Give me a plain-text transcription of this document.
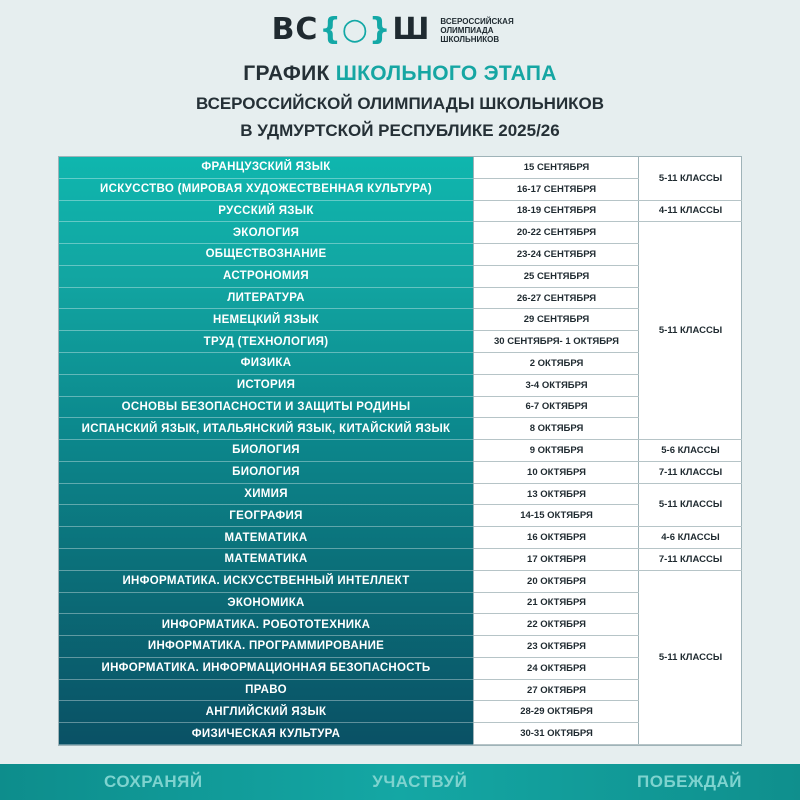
ВС {○} Ш ВСЕРОССИЙСКАЯ ОЛИМПИАДА ШКОЛЬНИКОВ
ГРАФИК ШКОЛЬНОГО ЭТАПА
ВСЕРОССИЙСКОЙ ОЛИМПИАДЫ ШКОЛЬНИКОВ
В УДМУРТСКОЙ РЕСПУБЛИКЕ 2025/26
ФРАНЦУЗСКИЙ ЯЗЫК
ИСКУССТВО (МИРОВАЯ ХУДОЖЕСТВЕННАЯ КУЛЬТУРА)
РУССКИЙ ЯЗЫК
ЭКОЛОГИЯ
ОБЩЕСТВОЗНАНИЕ
АСТРОНОМИЯ
ЛИТЕРАТУРА
НЕМЕЦКИЙ ЯЗЫК
ТРУД (ТЕХНОЛОГИЯ)
ФИЗИКА
ИСТОРИЯ
ОСНОВЫ БЕЗОПАСНОСТИ И ЗАЩИТЫ РОДИНЫ
ИСПАНСКИЙ ЯЗЫК, ИТАЛЬЯНСКИЙ ЯЗЫК, КИТАЙСКИЙ ЯЗЫК
БИОЛОГИЯ
БИОЛОГИЯ
ХИМИЯ
ГЕОГРАФИЯ
МАТЕМАТИКА
МАТЕМАТИКА
ИНФОРМАТИКА. ИСКУССТВЕННЫЙ ИНТЕЛЛЕКТ
ЭКОНОМИКА
ИНФОРМАТИКА. РОБОТОТЕХНИКА
ИНФОРМАТИКА. ПРОГРАММИРОВАНИЕ
ИНФОРМАТИКА. ИНФОРМАЦИОННАЯ БЕЗОПАСНОСТЬ
ПРАВО
АНГЛИЙСКИЙ ЯЗЫК
ФИЗИЧЕСКАЯ КУЛЬТУРА
15 СЕНТЯБРЯ
16-17 СЕНТЯБРЯ
18-19 СЕНТЯБРЯ
20-22 СЕНТЯБРЯ
23-24 СЕНТЯБРЯ
25 СЕНТЯБРЯ
26-27 СЕНТЯБРЯ
29 СЕНТЯБРЯ
30 СЕНТЯБРЯ- 1 ОКТЯБРЯ
2 ОКТЯБРЯ
3-4 ОКТЯБРЯ
6-7 ОКТЯБРЯ
8 ОКТЯБРЯ
9 ОКТЯБРЯ
10 ОКТЯБРЯ
13 ОКТЯБРЯ
14-15 ОКТЯБРЯ
16 ОКТЯБРЯ
17 ОКТЯБРЯ
20 ОКТЯБРЯ
21 ОКТЯБРЯ
22 ОКТЯБРЯ
23 ОКТЯБРЯ
24 ОКТЯБРЯ
27 ОКТЯБРЯ
28-29 ОКТЯБРЯ
30-31 ОКТЯБРЯ
5-11 КЛАССЫ
4-11 КЛАССЫ
5-11 КЛАССЫ
5-6 КЛАССЫ
7-11 КЛАССЫ
5-11 КЛАССЫ
4-6 КЛАССЫ
7-11 КЛАССЫ
5-11 КЛАССЫ
СОХРАНЯЙ	УЧАСТВУЙ	ПОБЕЖДАЙ
